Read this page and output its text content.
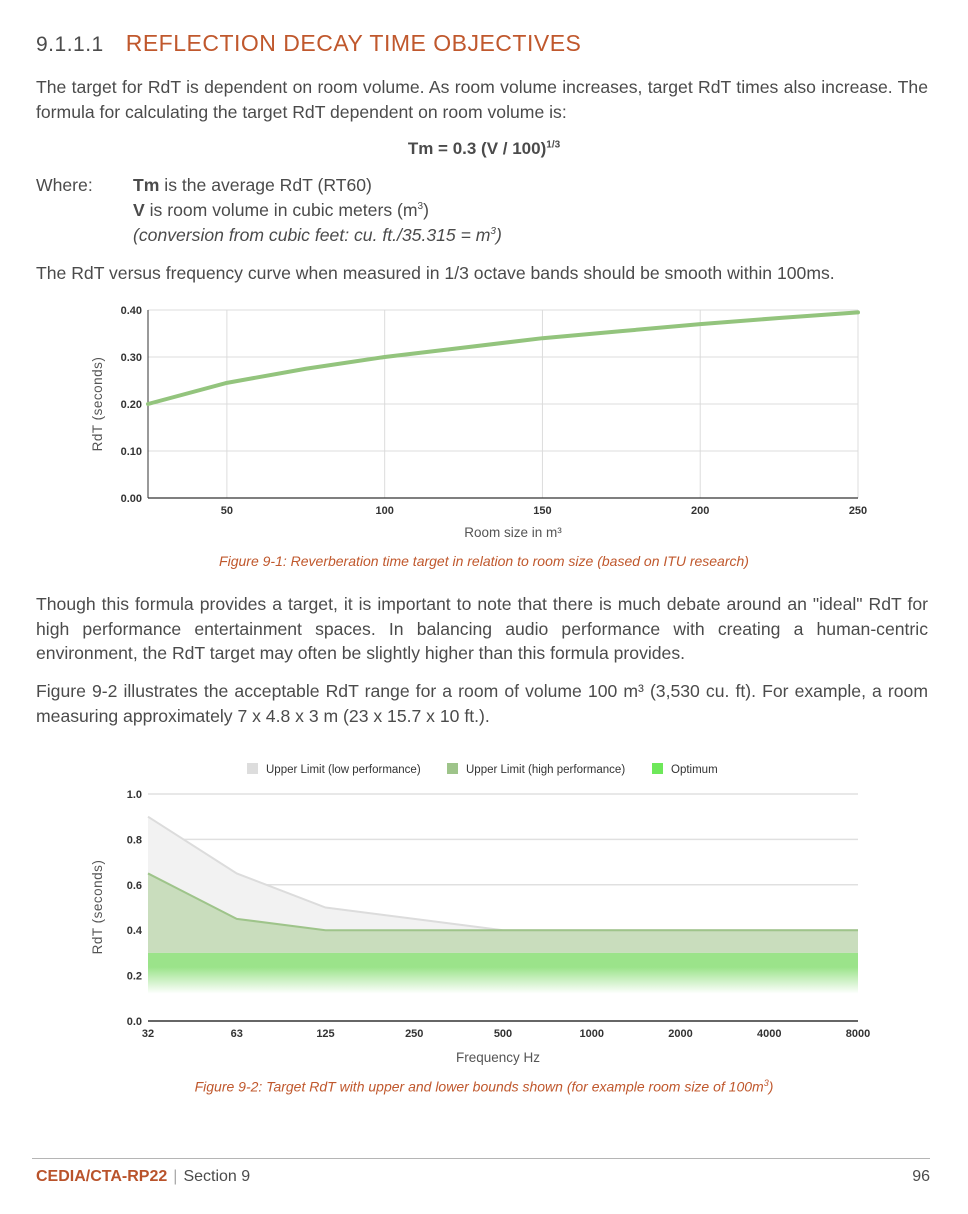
9.1.1.1 REFLECTION DECAY TIME OBJECTIVES
The target for RdT is dependent on room volume. As room volume increases, target RdT times also increase. The formula for calculating the target RdT dependent on room volume is:
Tm = 0.3 (V / 100)$^{1/3}$
Where: Tm is the average RdT (RT60)
V is room volume in cubic meters $(m^3)$
(conversion from cubic feet: cu. $ft./35.315 = m^3$)
The RdT versus frequency curve when measured in 1/3 octave bands should be smooth within 100ms.
0.00
0.10
0.20
0.30
0.40
50	100	150	200	250
Room size in m³
RdT (seconds)
Figure 9-1: Reverberation time target in relation to room size (based on ITU research)
Though this formula provides a target, it is important to note that there is much debate around an "ideal" RdT for high performance entertainment spaces. In balancing audio performance with creating a human-centric environment, the RdT target may often be slightly higher than this formula provides.
Figure 9-2 illustrates the acceptable RdT range for a room of volume 100 m³ (3,530 cu. ft). For example, a room measuring approximately 7 x 4.8 x 3 m (23 x 15.7 x 10 ft.).
0.0
0.2
0.4
0.6
0.8
1.0
32	63	125	250	500	1000	2000	4000	8000
Frequency Hz
RdT (seconds)
Upper Limit (low performance)	Upper Limit (high performance)	Optimum
Figure 9-2: Target RdT with upper and lower bounds shown (for example room size of $100m^3$)
CEDIA/CTA-RP22 | Section 9	96
